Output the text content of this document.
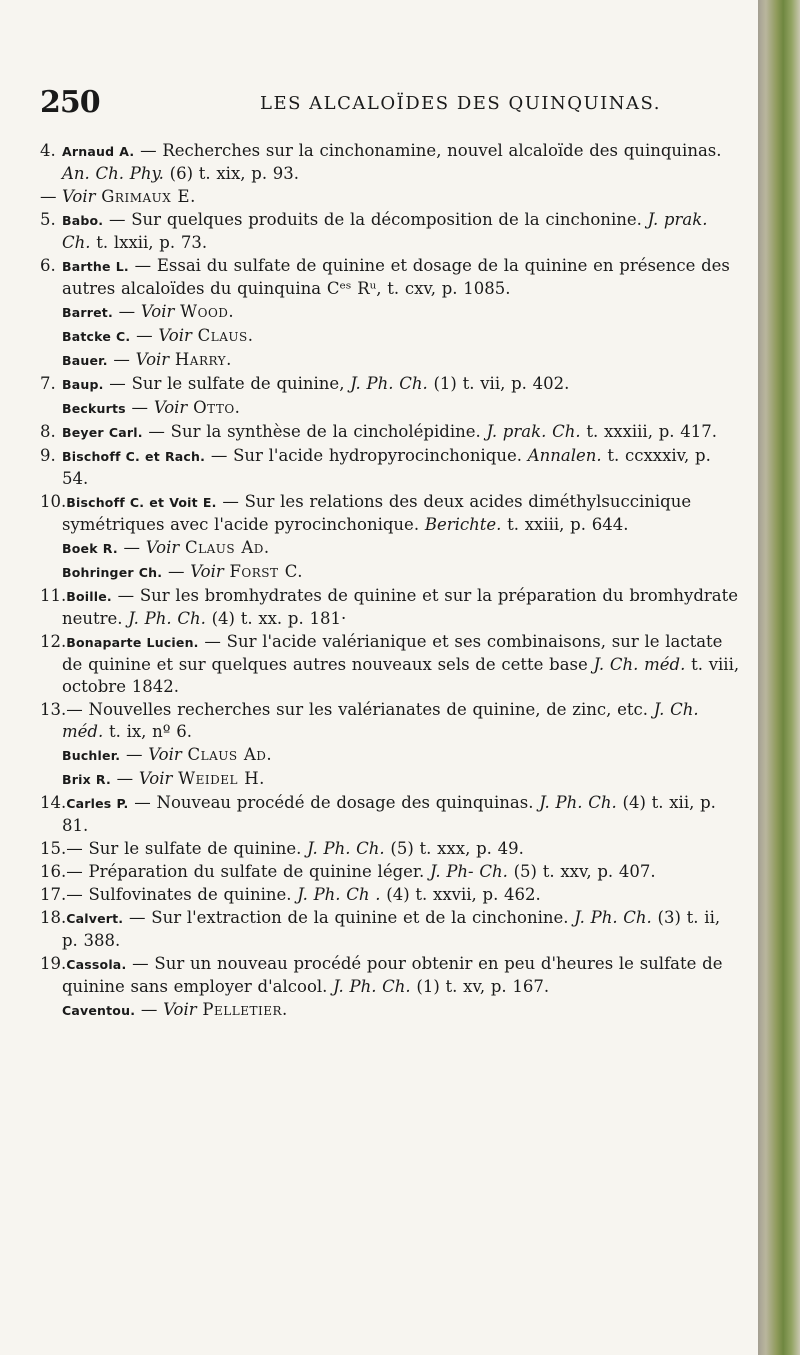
250	LES ALCALOÏDES DES QUINQUINAS.

4. Arnaud A. — Recherches sur la cinchonamine, nouvel alcaloïde des quinquinas. An. Ch. Phy. (6) t. xix, p. 93.

— Voir Grimaux E.

5. Babo. — Sur quelques produits de la décomposition de la cinchonine. J. prak. Ch. t. lxxii, p. 73.

6. Barthe L. — Essai du sulfate de quinine et dosage de la quinine en présence des autres alcaloïdes du quinquina Cᵉˢ Rᵘ, t. cxv, p. 1085.

Barret. — Voir Wood.

Batcke C. — Voir Claus.

Bauer. — Voir Harry.

7. Baup. — Sur le sulfate de quinine, J. Ph. Ch. (1) t. vii, p. 402.

Beckurts — Voir Otto.

8. Beyer Carl. — Sur la synthèse de la cincholépidine. J. prak. Ch. t. xxxiii, p. 417.

9. Bischoff C. et Rach. — Sur l'acide hydropyrocinchonique. Annalen. t. ccxxxiv, p. 54.

10.Bischoff C. et Voit E. — Sur les relations des deux acides diméthylsuccinique symétriques avec l'acide pyrocinchonique. Berichte. t. xxiii, p. 644.

Boek R. — Voir Claus Ad.

Bohringer Ch. — Voir Forst C.

11.Boille. — Sur les bromhydrates de quinine et sur la préparation du bromhydrate neutre. J. Ph. Ch. (4) t. xx. p. 181·

12.Bonaparte Lucien. — Sur l'acide valérianique et ses combinaisons, sur le lactate de quinine et sur quelques autres nouveaux sels de cette base J. Ch. méd. t. viii, octobre 1842.

13.— Nouvelles recherches sur les valérianates de quinine, de zinc, etc. J. Ch. méd. t. ix, nº 6.

Buchler. — Voir Claus Ad.

Brix R. — Voir Weidel H.

14.Carles P. — Nouveau procédé de dosage des quinquinas. J. Ph. Ch. (4) t. xii, p. 81.

15.— Sur le sulfate de quinine. J. Ph. Ch. (5) t. xxx, p. 49.

16.— Préparation du sulfate de quinine léger. J. Ph- Ch. (5) t. xxv, p. 407.

17.— Sulfovinates de quinine. J. Ph. Ch . (4) t. xxvii, p. 462.

18.Calvert. — Sur l'extraction de la quinine et de la cinchonine. J. Ph. Ch. (3) t. ii, p. 388.

19.Cassola. — Sur un nouveau procédé pour obtenir en peu d'heures le sulfate de quinine sans employer d'alcool. J. Ph. Ch. (1) t. xv, p. 167.

Caventou. — Voir Pelletier.
